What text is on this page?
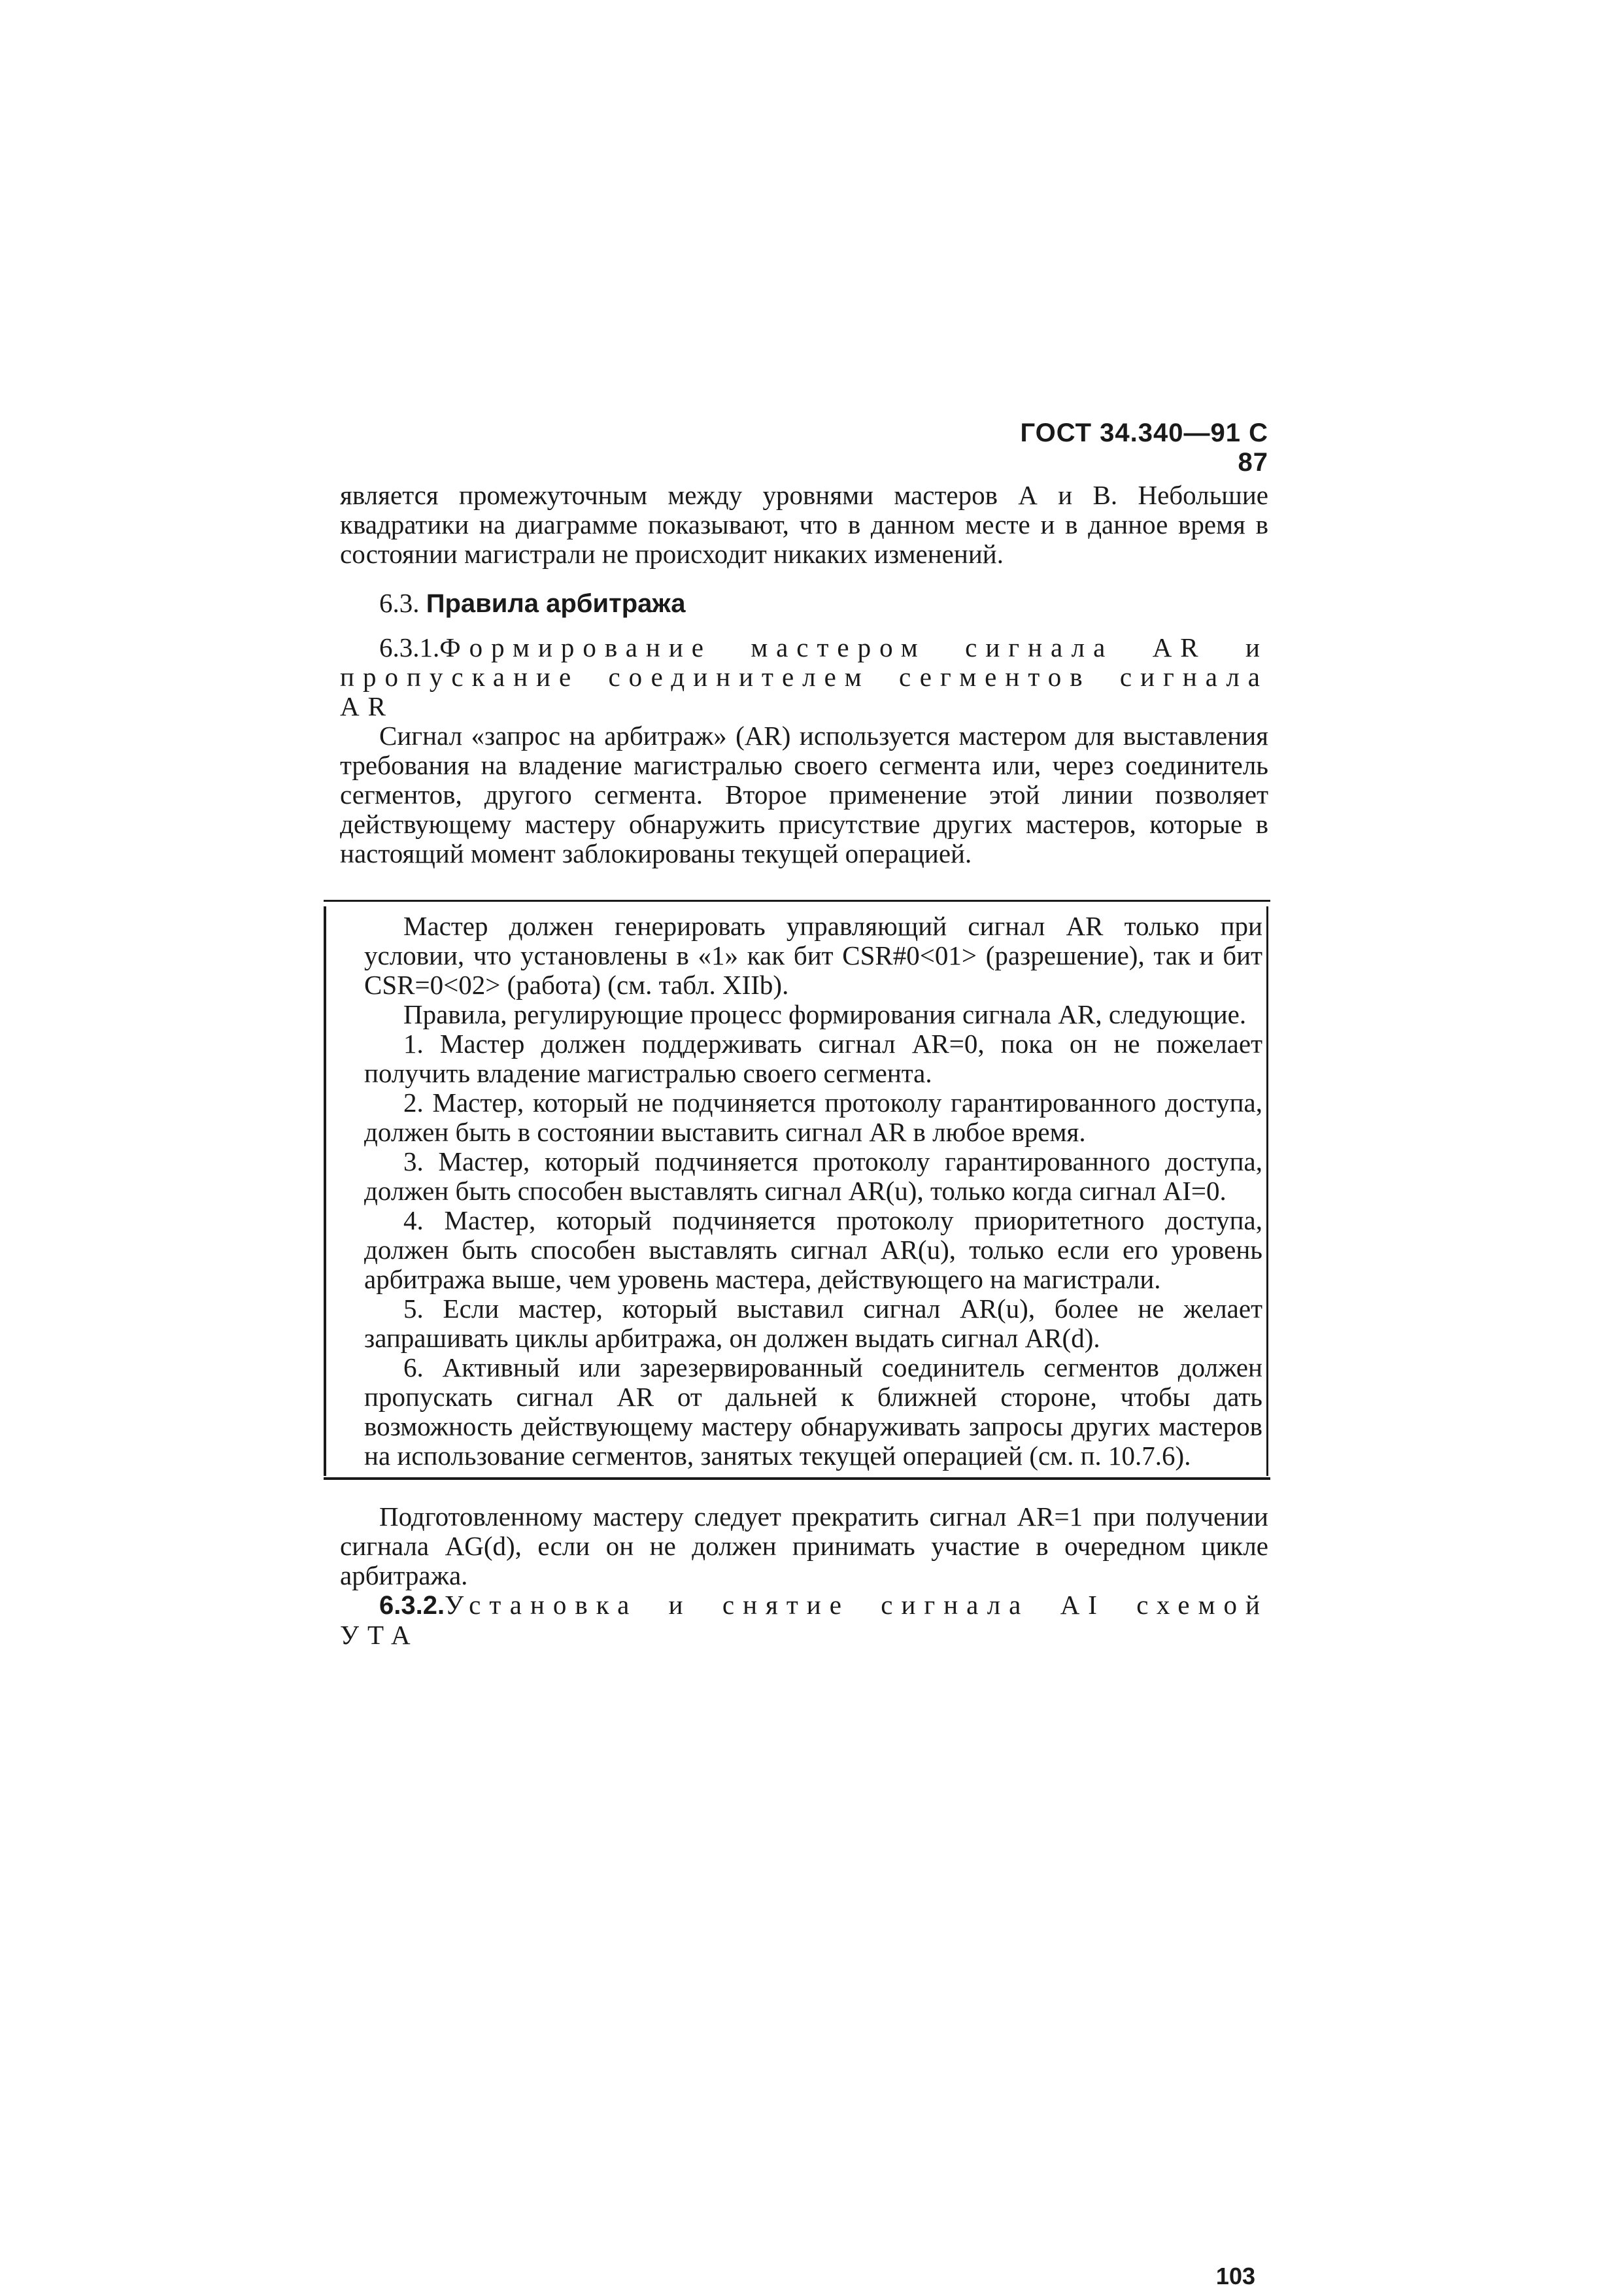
ГОСТ 34.340—91 С 87

является промежуточным между уровнями мастеров А и В. Небольшие квадратики на диаграмме показывают, что в данном месте и в данное время в состоянии магистрали не происходит никаких изменений.

6.3. Правила арбитража

6.3.1.Формирование мастером сигнала AR и пропускание соединителем сегментов сигнала AR

Сигнал «запрос на арбитраж» (AR) используется мастером для выставления требования на владение магистралью своего сегмента или, через соединитель сегментов, другого сегмента. Второе применение этой линии позволяет действующему мастеру обнаружить присутствие других мастеров, которые в настоящий момент заблокированы текущей операцией.

Мастер должен генерировать управляющий сигнал AR только при условии, что установлены в «1» как бит CSR#0<01> (разрешение), так и бит CSR=0<02> (работа) (см. табл. XIIb).

Правила, регулирующие процесс формирования сигнала AR, следующие.

1. Мастер должен поддерживать сигнал AR=0, пока он не пожелает получить владение магистралью своего сегмента.

2. Мастер, который не подчиняется протоколу гарантированного доступа, должен быть в состоянии выставить сигнал AR в любое время.

3. Мастер, который подчиняется протоколу гарантированного доступа, должен быть способен выставлять сигнал AR(u), только когда сигнал AI=0.

4. Мастер, который подчиняется протоколу приоритетного доступа, должен быть способен выставлять сигнал AR(u), только если его уровень арбитража выше, чем уровень мастера, действующего на магистрали.

5. Если мастер, который выставил сигнал AR(u), более не желает запрашивать циклы арбитража, он должен выдать сигнал AR(d).

6. Активный или зарезервированный соединитель сегментов должен пропускать сигнал AR от дальней к ближней стороне, чтобы дать возможность действующему мастеру обнаруживать запросы других мастеров на использование сегментов, занятых текущей операцией (см. п. 10.7.6).

Подготовленному мастеру следует прекратить сигнал AR=1 при получении сигнала AG(d), если он не должен принимать участие в очередном цикле арбитража.

6.3.2.Установка и снятие сигнала AI схемой УТА

103
